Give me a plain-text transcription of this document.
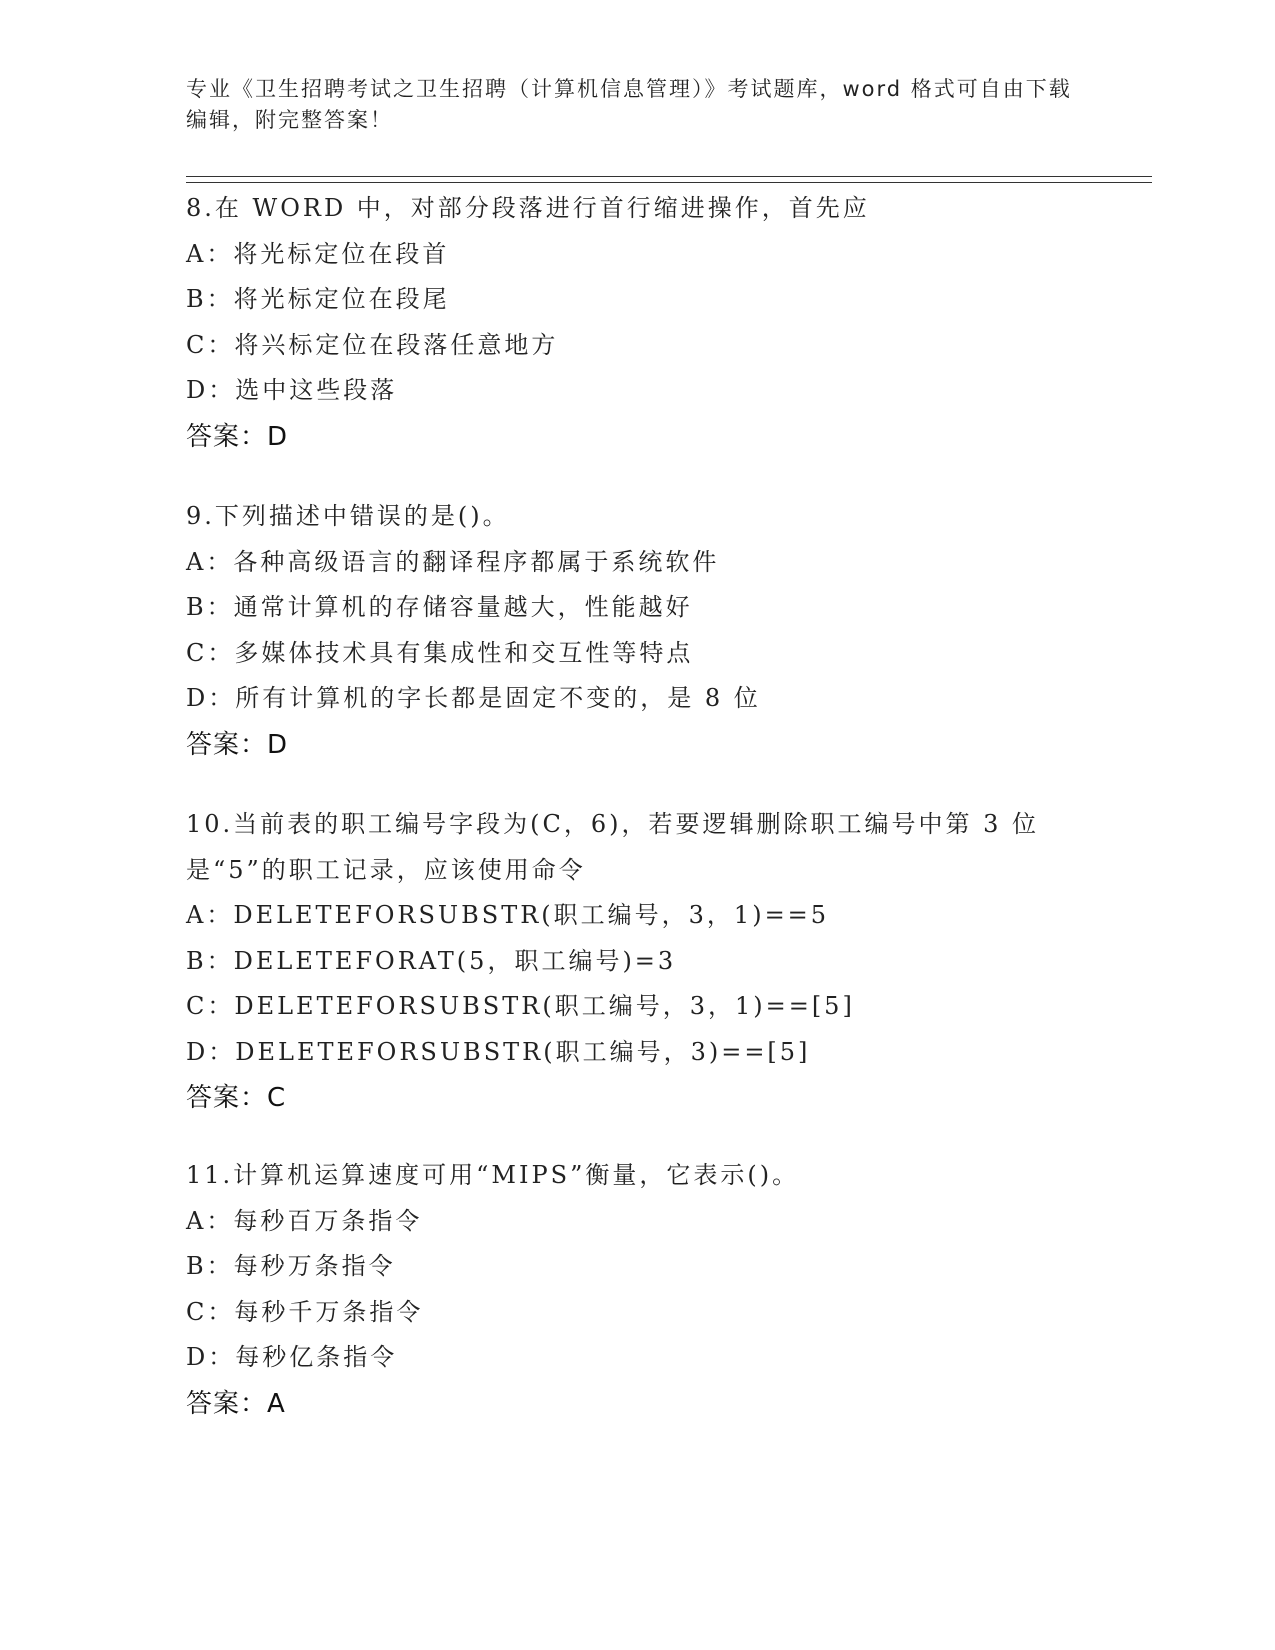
专业《卫生招聘考试之卫生招聘（计算机信息管理）》考试题库，word 格式可自由下载编辑，附完整答案！
8.在 WORD 中，对部分段落进行首行缩进操作，首先应
A：将光标定位在段首
B：将光标定位在段尾
C：将兴标定位在段落任意地方
D：选中这些段落
答案：D
9.下列描述中错误的是()。
A：各种高级语言的翻译程序都属于系统软件
B：通常计算机的存储容量越大，性能越好
C：多媒体技术具有集成性和交互性等特点
D：所有计算机的字长都是固定不变的，是 8 位
答案：D
10.当前表的职工编号字段为(C，6)，若要逻辑删除职工编号中第 3 位是“5”的职工记录，应该使用命令
A：DELETEFORSUBSTR(职工编号，3，1)==5
B：DELETEFORAT(5，职工编号)=3
C：DELETEFORSUBSTR(职工编号，3，1)==[5]
D：DELETEFORSUBSTR(职工编号，3)==[5]
答案：C
11.计算机运算速度可用“MIPS”衡量，它表示()。
A：每秒百万条指令
B：每秒万条指令
C：每秒千万条指令
D：每秒亿条指令
答案：A
